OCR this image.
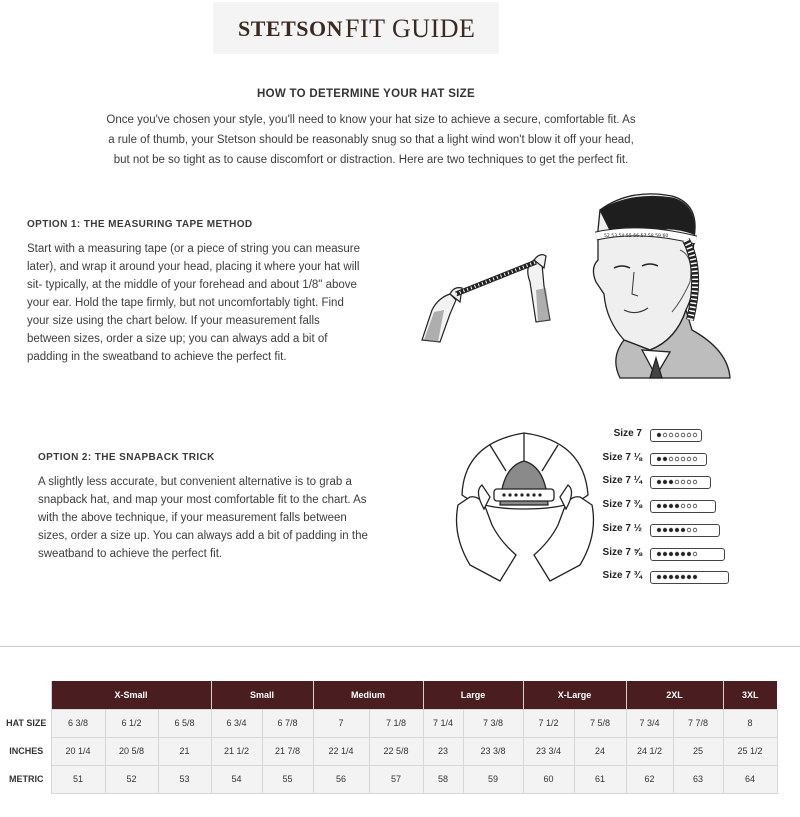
STETSON FIT GUIDE
HOW TO DETERMINE YOUR HAT SIZE
Once you've chosen your style, you'll need to know your hat size to achieve a secure, comfortable fit. As
a rule of thumb, your Stetson should be reasonably snug so that a light wind won't blow it off your head,
but not be so tight as to cause discomfort or distraction. Here are two techniques to get the perfect fit.
OPTION 1: THE MEASURING TAPE METHOD
Start with a measuring tape (or a piece of string you can measure
later), and wrap it around your head, placing it where your hat will
sit- typically, at the middle of your forehead and about 1/8" above
your ear. Hold the tape firmly, but not uncomfortably tight. Find
your size using the chart below. If your measurement falls
between sizes, order a size up; you can always add a bit of
padding in the sweatband to achieve the perfect fit.
52 53 54 55 56 57 58 59 60
OPTION 2: THE SNAPBACK TRICK
A slightly less accurate, but convenient alternative is to grab a
snapback hat, and map your most comfortable fit to the chart. As
with the above technique, if your measurement falls between
sizes, order a size up. You can always add a bit of padding in the
sweatband to achieve the perfect fit.
Size 7
Size 7 ⅛
Size 7 ¼
Size 7 ⅜
Size 7 ½
Size 7 ⅝
Size 7 ¾
	X-Small			Small		Medium		Large		X-Large		2XL		3XL
HAT SIZE	6 3/8	6 1/2	6 5/8	6 3/4	6 7/8	7	7 1/8	7 1/4	7 3/8	7 1/2	7 5/8	7 3/4	7 7/8	8
INCHES	20 1/4	20 5/8	21	21 1/2	21 7/8	22 1/4	22 5/8	23	23 3/8	23 3/4	24	24 1/2	25	25 1/2
METRIC	51	52	53	54	55	56	57	58	59	60	61	62	63	64
